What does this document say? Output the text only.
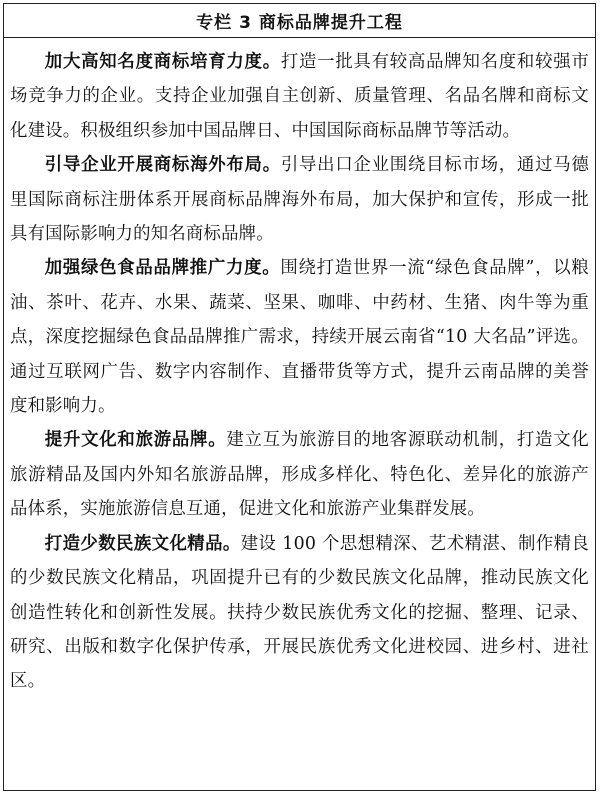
专栏 3 商标品牌提升工程

加大高知名度商标培育力度。打造一批具有较高品牌知名度和较强市场竞争力的企业。支持企业加强自主创新、质量管理、名品名牌和商标文化建设。积极组织参加中国品牌日、中国国际商标品牌节等活动。

引导企业开展商标海外布局。引导出口企业围绕目标市场，通过马德里国际商标注册体系开展商标品牌海外布局，加大保护和宣传，形成一批具有国际影响力的知名商标品牌。

加强绿色食品品牌推广力度。围绕打造世界一流“绿色食品牌”，以粮油、茶叶、花卉、水果、蔬菜、坚果、咖啡、中药材、生猪、肉牛等为重点，深度挖掘绿色食品品牌推广需求，持续开展云南省“10 大名品”评选。通过互联网广告、数字内容制作、直播带货等方式，提升云南品牌的美誉度和影响力。

提升文化和旅游品牌。建立互为旅游目的地客源联动机制，打造文化旅游精品及国内外知名旅游品牌，形成多样化、特色化、差异化的旅游产品体系，实施旅游信息互通，促进文化和旅游产业集群发展。

打造少数民族文化精品。建设 100 个思想精深、艺术精湛、制作精良的少数民族文化精品，巩固提升已有的少数民族文化品牌，推动民族文化创造性转化和创新性发展。扶持少数民族优秀文化的挖掘、整理、记录、研究、出版和数字化保护传承，开展民族优秀文化进校园、进乡村、进社区。
